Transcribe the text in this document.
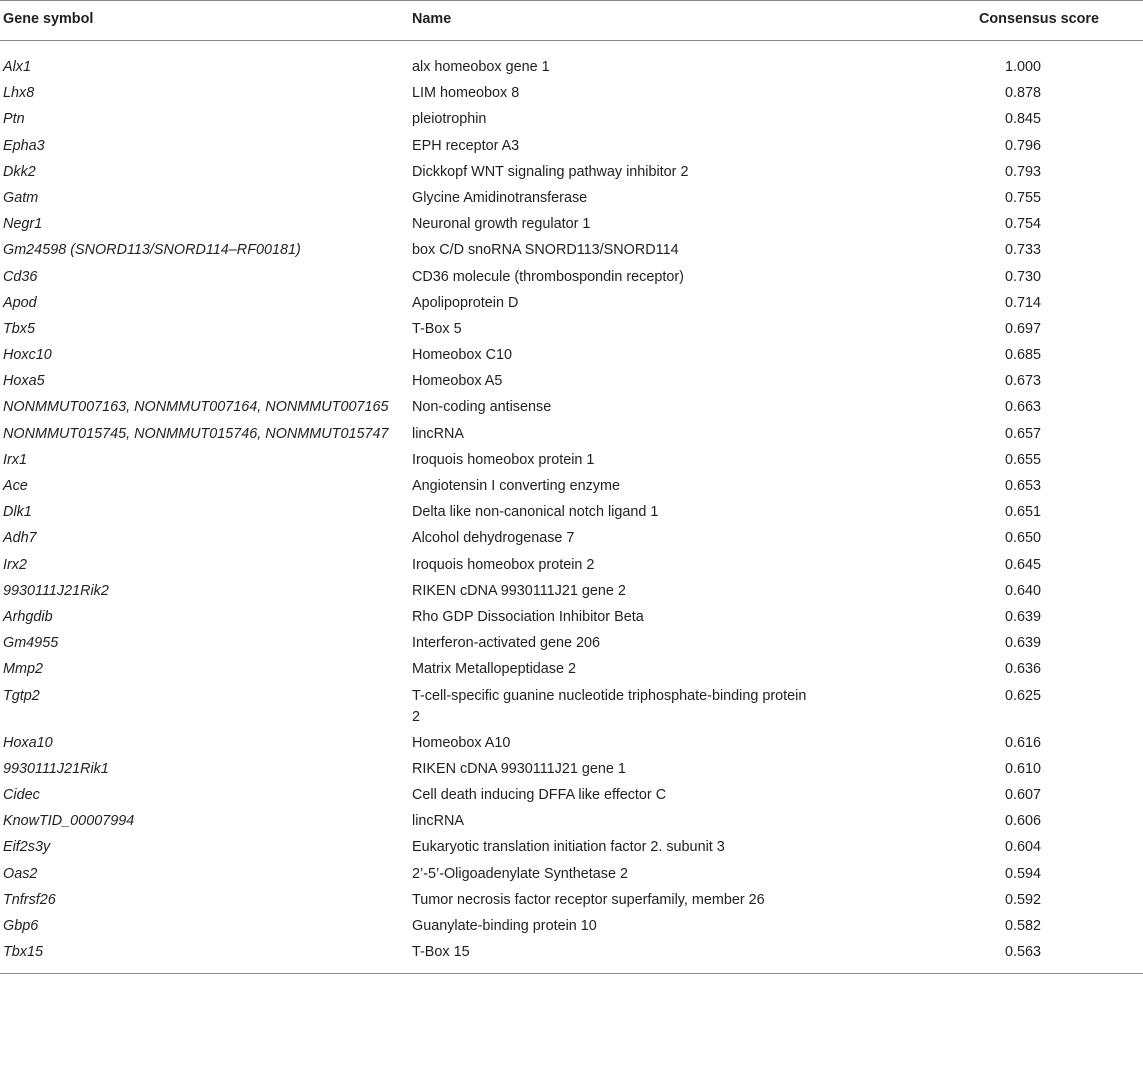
Gene symbol	Name	Consensus score
Alx1	alx homeobox gene 1	1.000
Lhx8	LIM homeobox 8	0.878
Ptn	pleiotrophin	0.845
Epha3	EPH receptor A3	0.796
Dkk2	Dickkopf WNT signaling pathway inhibitor 2	0.793
Gatm	Glycine Amidinotransferase	0.755
Negr1	Neuronal growth regulator 1	0.754
Gm24598 (SNORD113/SNORD114–RF00181)	box C/D snoRNA SNORD113/SNORD114	0.733
Cd36	CD36 molecule (thrombospondin receptor)	0.730
Apod	Apolipoprotein D	0.714
Tbx5	T-Box 5	0.697
Hoxc10	Homeobox C10	0.685
Hoxa5	Homeobox A5	0.673
NONMMUT007163, NONMMUT007164, NONMMUT007165	Non-coding antisense	0.663
NONMMUT015745, NONMMUT015746, NONMMUT015747	lincRNA	0.657
Irx1	Iroquois homeobox protein 1	0.655
Ace	Angiotensin I converting enzyme	0.653
Dlk1	Delta like non-canonical notch ligand 1	0.651
Adh7	Alcohol dehydrogenase 7	0.650
Irx2	Iroquois homeobox protein 2	0.645
9930111J21Rik2	RIKEN cDNA 9930111J21 gene 2	0.640
Arhgdib	Rho GDP Dissociation Inhibitor Beta	0.639
Gm4955	Interferon-activated gene 206	0.639
Mmp2	Matrix Metallopeptidase 2	0.636
Tgtp2	T-cell-specific guanine nucleotide triphosphate-binding protein 2	0.625
Hoxa10	Homeobox A10	0.616
9930111J21Rik1	RIKEN cDNA 9930111J21 gene 1	0.610
Cidec	Cell death inducing DFFA like effector C	0.607
KnowTID_00007994	lincRNA	0.606
Eif2s3y	Eukaryotic translation initiation factor 2. subunit 3	0.604
Oas2	2’-5’-Oligoadenylate Synthetase 2	0.594
Tnfrsf26	Tumor necrosis factor receptor superfamily, member 26	0.592
Gbp6	Guanylate-binding protein 10	0.582
Tbx15	T-Box 15	0.563
